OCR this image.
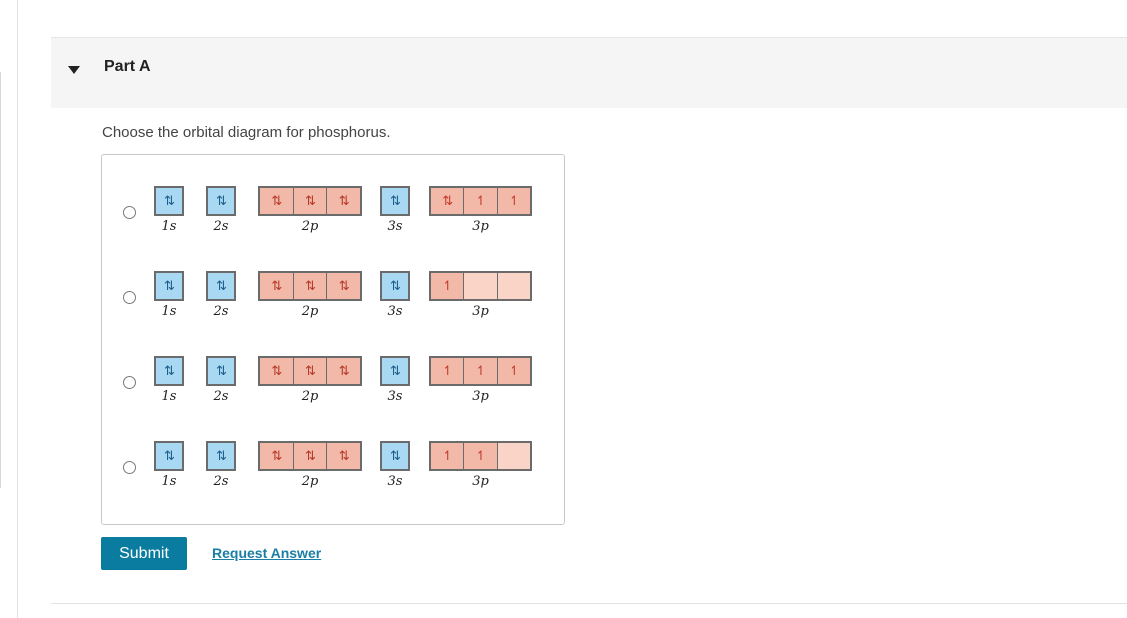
Part A
Choose the orbital diagram for phosphorus.
⇅
1s
⇅
2s
⇅	⇅	⇅
2p
⇅
3s
⇅	↿	↿
3p
⇅
1s
⇅
2s
⇅	⇅	⇅
2p
⇅
3s
↿
3p
⇅
1s
⇅
2s
⇅	⇅	⇅
2p
⇅
3s
↿	↿	↿
3p
⇅
1s
⇅
2s
⇅	⇅	⇅
2p
⇅
3s
↿	↿
3p
Submit	Request Answer
